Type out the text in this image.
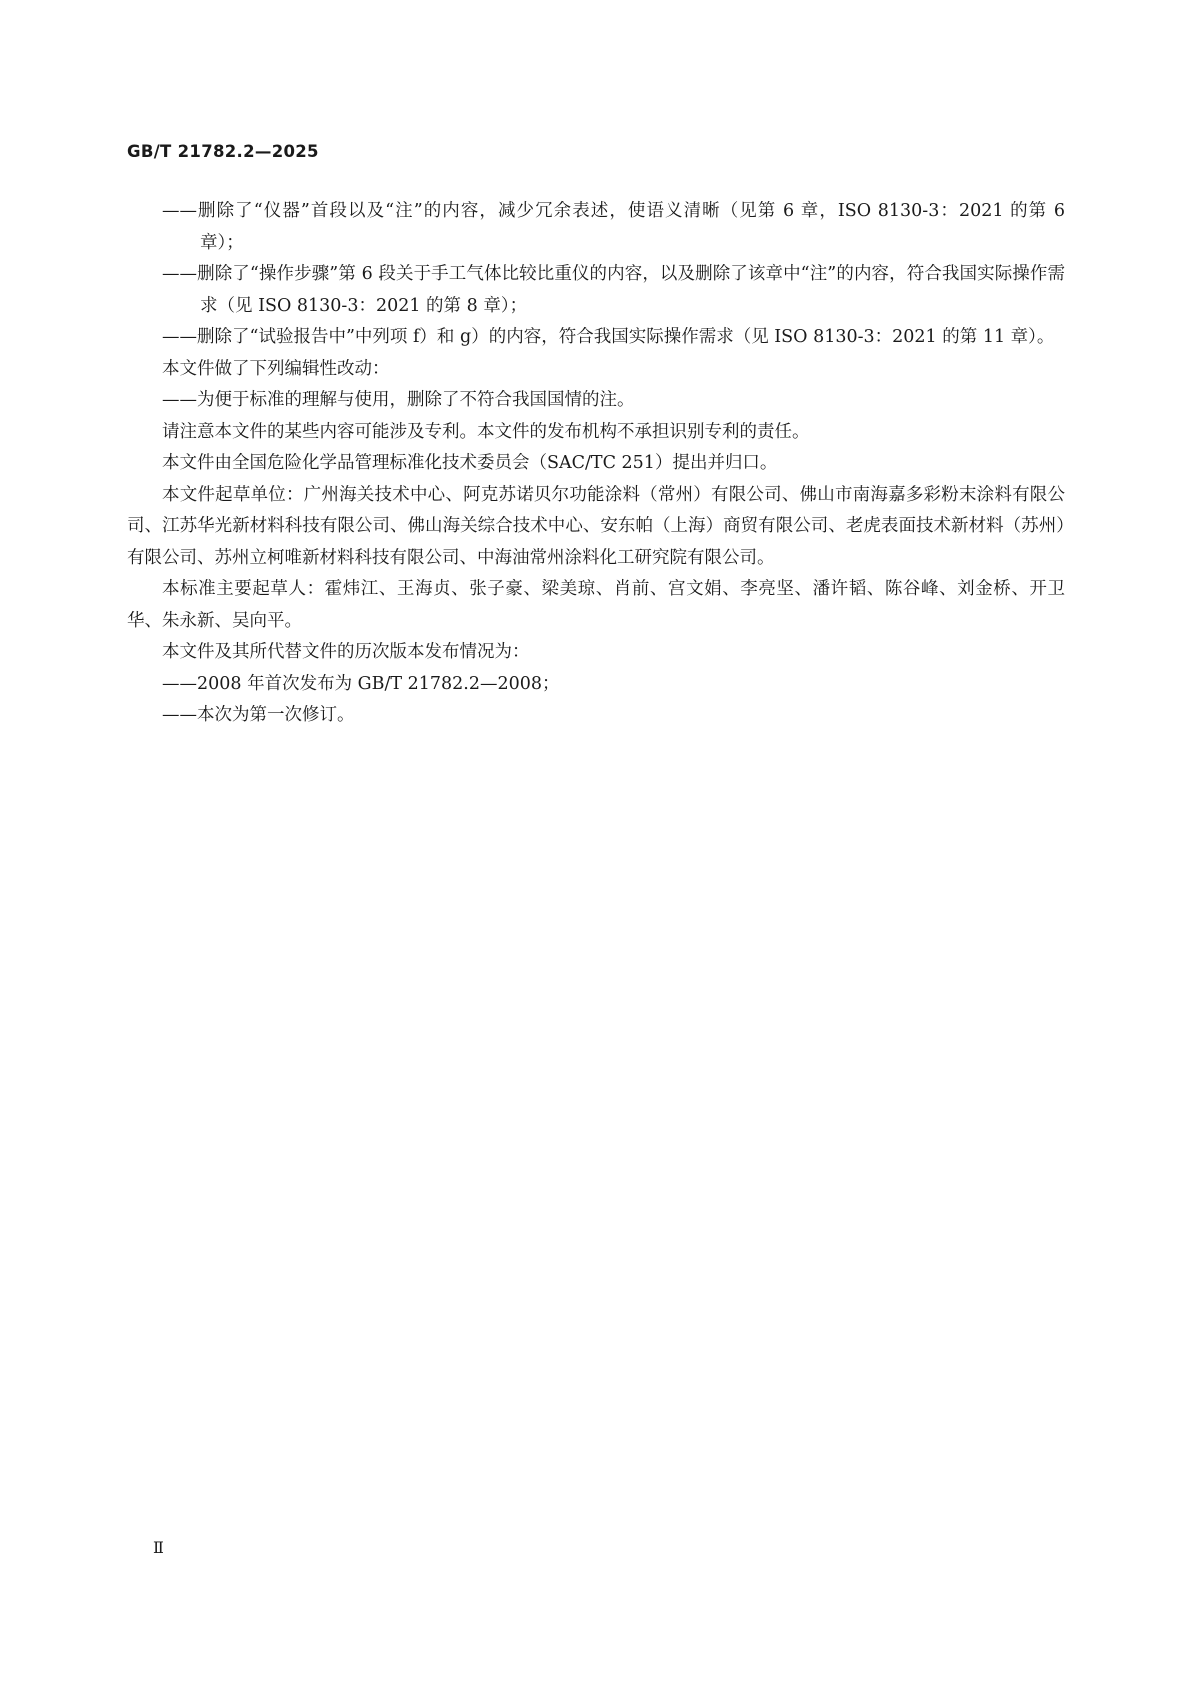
GB/T 21782.2—2025
——删除了“仪器”首段以及“注”的内容，减少冗余表述，使语义清晰（见第 6 章，ISO 8130-3：2021 的第 6 章）；
——删除了“操作步骤”第 6 段关于手工气体比较比重仪的内容，以及删除了该章中“注”的内容，符合我国实际操作需求（见 ISO 8130-3：2021 的第 8 章）；
——删除了“试验报告中”中列项 f）和 g）的内容，符合我国实际操作需求（见 ISO 8130-3：2021 的第 11 章）。
本文件做了下列编辑性改动：
——为便于标准的理解与使用，删除了不符合我国国情的注。
请注意本文件的某些内容可能涉及专利。本文件的发布机构不承担识别专利的责任。
本文件由全国危险化学品管理标准化技术委员会（SAC/TC 251）提出并归口。
本文件起草单位：广州海关技术中心、阿克苏诺贝尔功能涂料（常州）有限公司、佛山市南海嘉多彩粉末涂料有限公司、江苏华光新材料科技有限公司、佛山海关综合技术中心、安东帕（上海）商贸有限公司、老虎表面技术新材料（苏州）有限公司、苏州立柯唯新材料科技有限公司、中海油常州涂料化工研究院有限公司。
本标准主要起草人：霍炜江、王海贞、张子豪、梁美琼、肖前、宫文娟、李亮坚、潘许韬、陈谷峰、刘金桥、开卫华、朱永新、吴向平。
本文件及其所代替文件的历次版本发布情况为：
——2008 年首次发布为 GB/T 21782.2—2008；
——本次为第一次修订。
Ⅱ
